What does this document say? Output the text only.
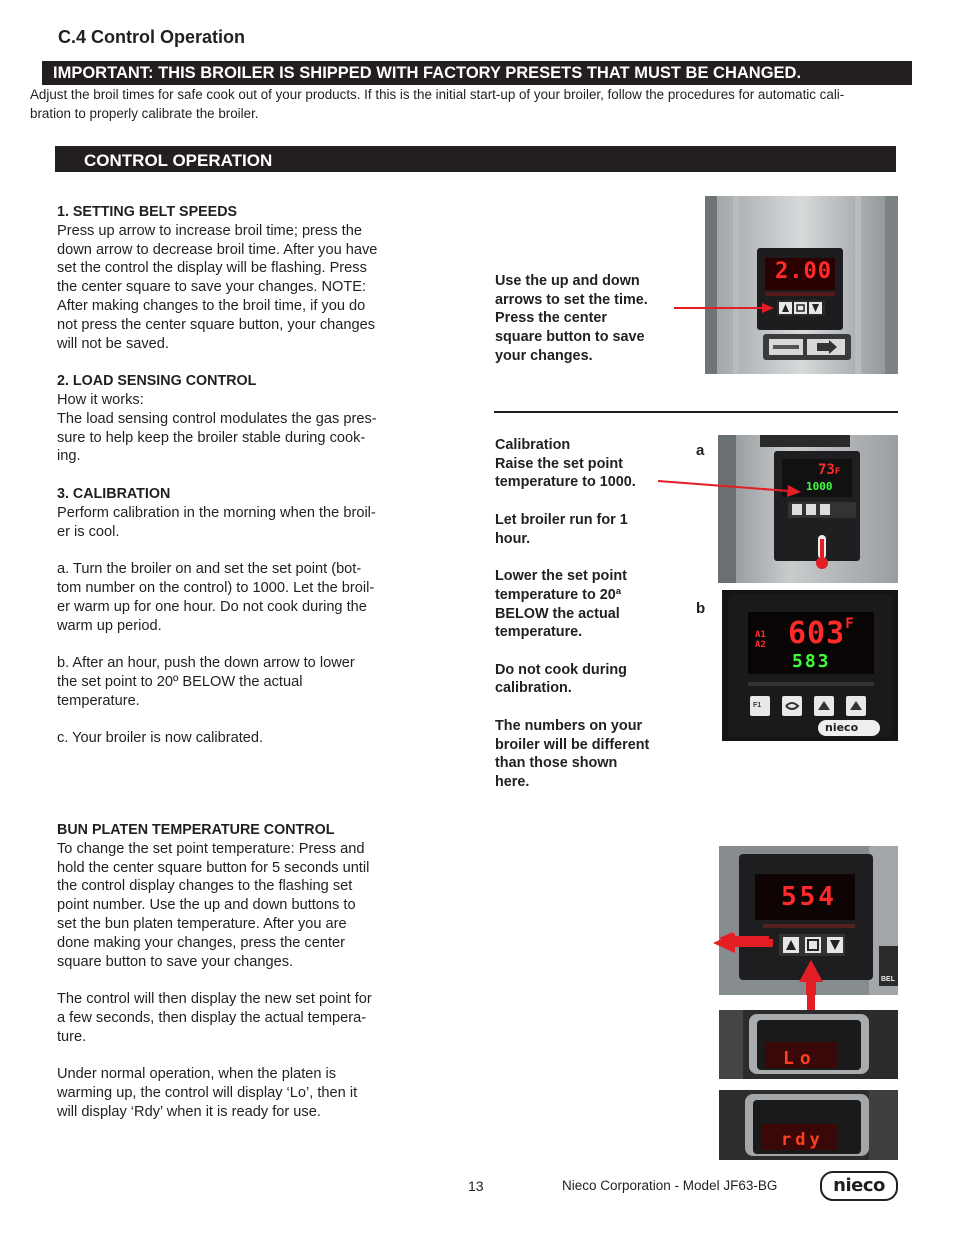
C.4 Control Operation
IMPORTANT: THIS BROILER IS SHIPPED WITH FACTORY PRESETS THAT MUST BE CHANGED.
Adjust the broil times for safe cook out of your products. If this is the initial start-up of your broiler, follow the procedures for automatic cali-
bration to properly calibrate the broiler.
CONTROL OPERATION

1. SETTING BELT SPEEDS

Press up arrow to increase broil time; press the

down arrow to decrease broil time. After you have

set the control the display will be flashing. Press

the center square to save your changes. NOTE:

After making changes to the broil time, if you do

not press the center square button, your changes

will not be saved.

2. LOAD SENSING CONTROL

How it works:

The load sensing control modulates the gas pres-

sure to help keep the broiler stable during cook-

ing.

3. CALIBRATION

Perform calibration in the morning when the broil-

er is cool.

a. Turn the broiler on and set the set point (bot-

tom number on the control) to 1000. Let the broil-

er warm up for one hour. Do not cook during the

warm up period.

b. After an hour, push the down arrow to lower

the set point to 20º BELOW the actual

temperature.

c. Your broiler is now calibrated.

BUN PLATEN TEMPERATURE CONTROL

To change the set point temperature: Press and

hold the center square button for 5 seconds until

the control display changes to the flashing set

point number. Use the up and down buttons to

set the bun platen temperature. After you are

done making your changes, press the center

square button to save your changes.

The control will then display the new set point for

a few seconds, then display the actual tempera-

ture.

Under normal operation, when the platen is

warming up, the control will display ‘Lo’, then it

will display ‘Rdy’ when it is ready for use.

Use the up and down

arrows to set the time.

Press the center

square button to save

your changes.

Calibration

Raise the set point

temperature to 1000.

Let broiler run for 1

hour.

Lower the set point

temperature to 20ª

BELOW the actual

temperature.

Do not cook during

calibration.

The numbers on your

broiler will be different

than those shown

here.

a
b
2.00
73F
1000
A1
A2 $603^F$
583
F1
nieco
554
BEL
Lo
rdy
13	Nieco Corporation - Model JF63-BG	nieco
